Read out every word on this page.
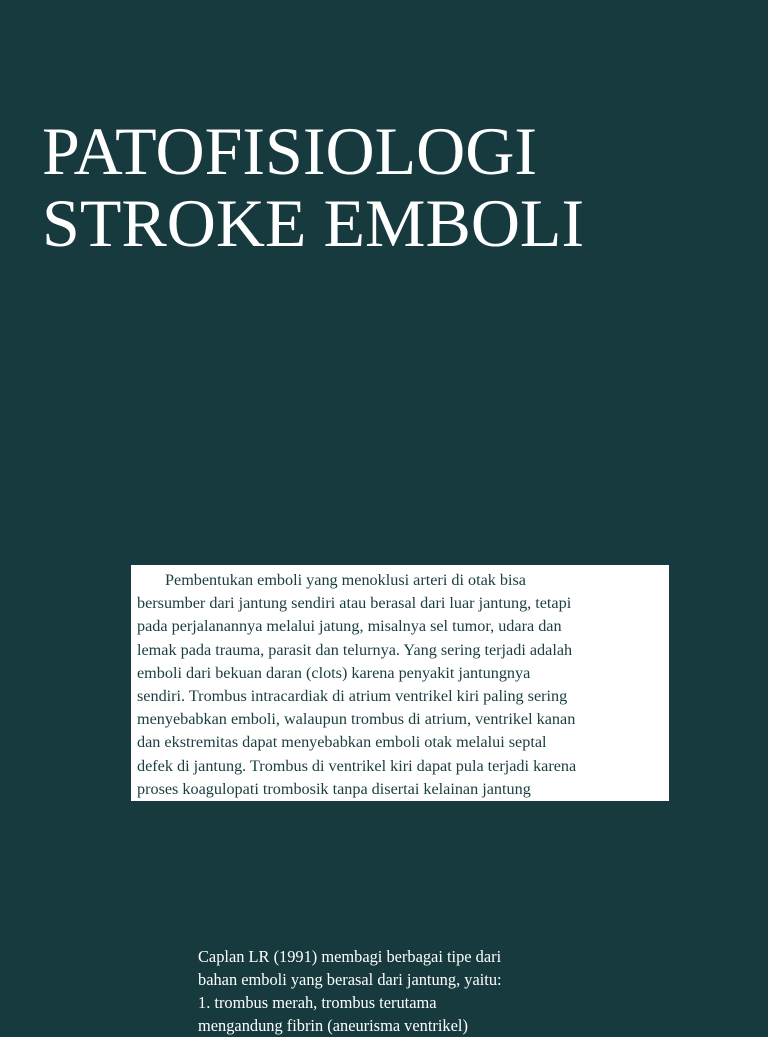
PATOFISIOLOGI
STROKE EMBOLI
Pembentukan emboli yang menoklusi arteri di otak bisa
bersumber dari jantung sendiri atau berasal dari luar jantung, tetapi
pada perjalanannya melalui jatung, misalnya sel tumor, udara dan
lemak pada trauma, parasit dan telurnya. Yang sering terjadi adalah
emboli dari bekuan daran (clots) karena penyakit jantungnya
sendiri. Trombus intracardiak di atrium ventrikel kiri paling sering
menyebabkan emboli, walaupun trombus di atrium, ventrikel kanan
dan ekstremitas dapat menyebabkan emboli otak melalui septal
defek di jantung. Trombus di ventrikel kiri dapat pula terjadi karena
proses koagulopati trombosik tanpa disertai kelainan jantung
Caplan LR (1991) membagi berbagai tipe dari
bahan emboli yang berasal dari jantung, yaitu:
1. trombus merah, trombus terutama
mengandung fibrin (aneurisma ventrikel)
